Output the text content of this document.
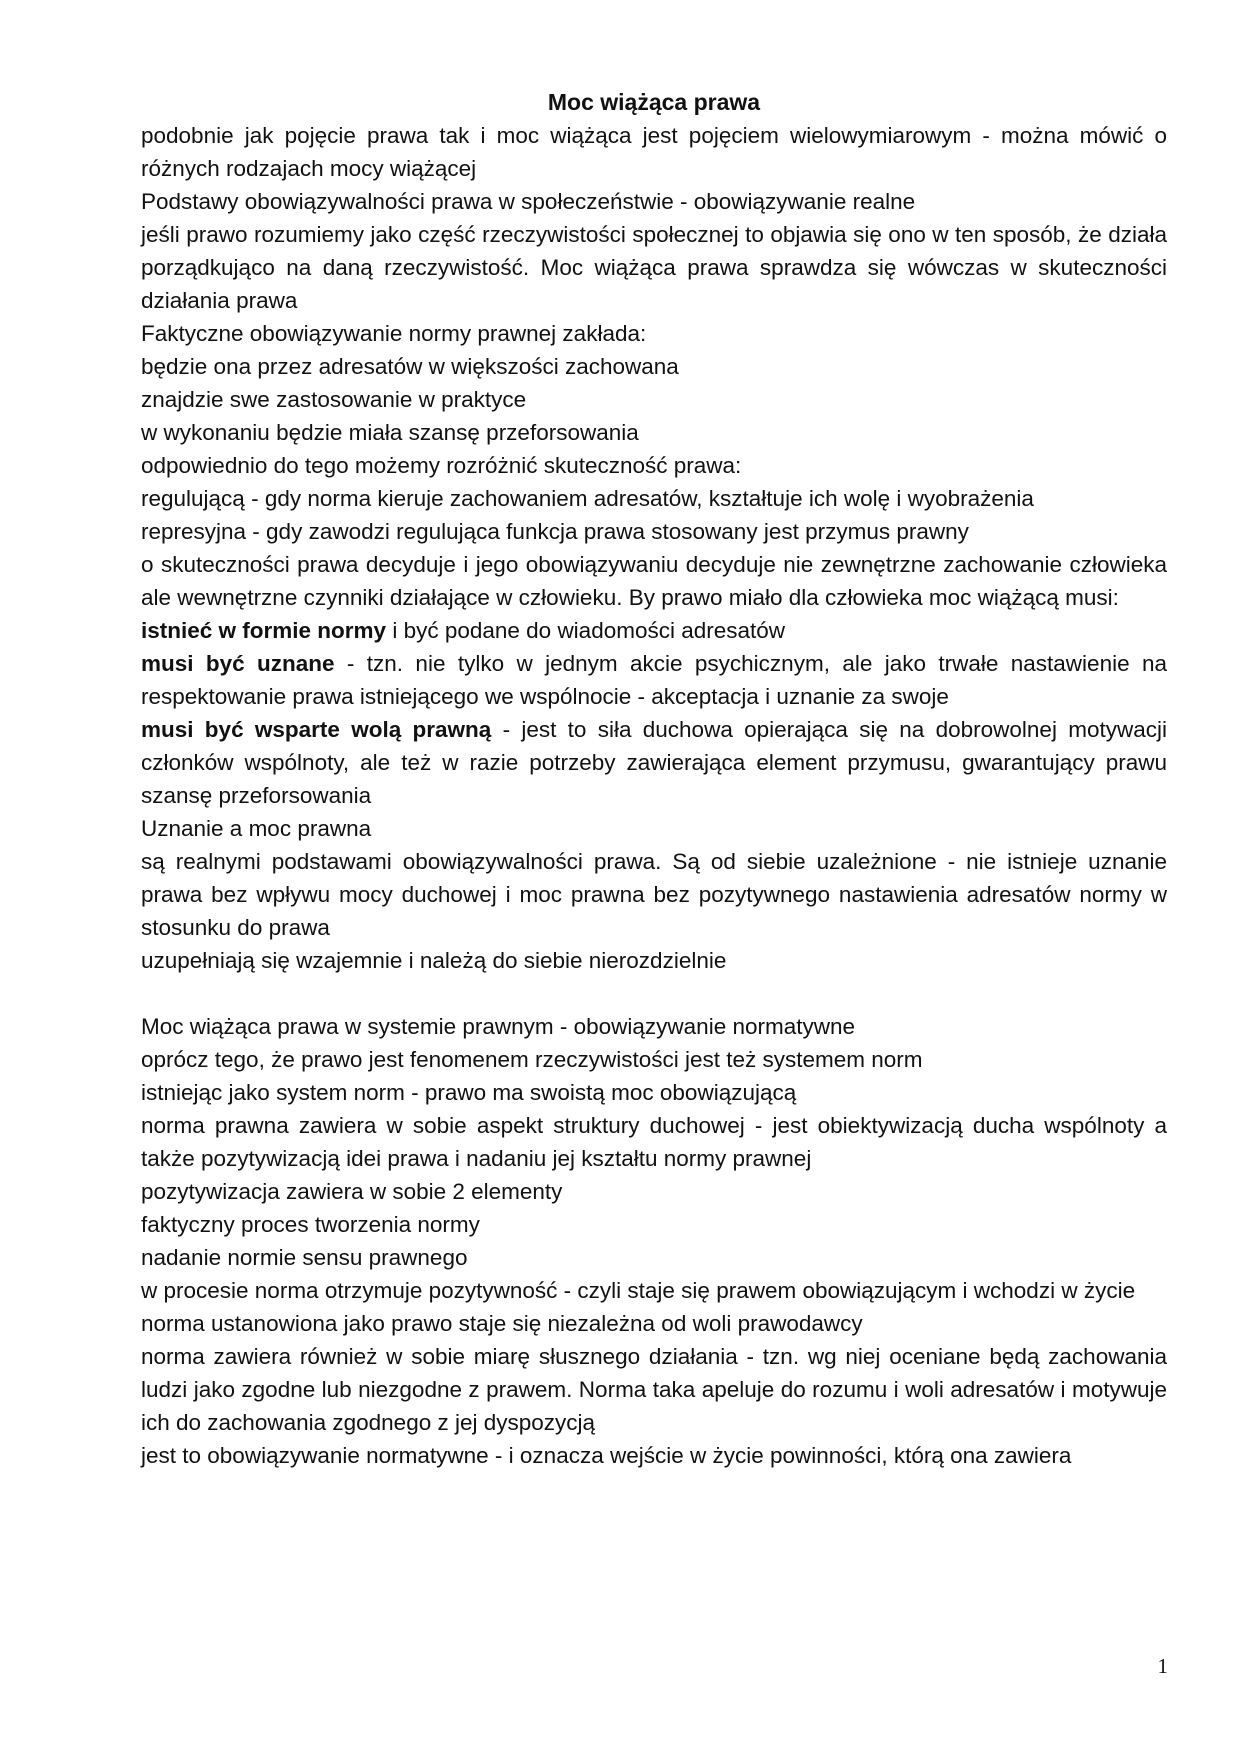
Moc wiążąca prawa

podobnie jak pojęcie prawa tak i moc wiążąca jest pojęciem wielowymiarowym - można mówić o różnych rodzajach mocy wiążącej

Podstawy obowiązywalności prawa w społeczeństwie - obowiązywanie realne

jeśli prawo rozumiemy jako część rzeczywistości społecznej to objawia się ono w ten sposób, że działa porządkująco na daną rzeczywistość. Moc wiążąca prawa sprawdza się wówczas w skuteczności działania prawa

Faktyczne obowiązywanie normy prawnej zakłada:

będzie ona przez adresatów w większości zachowana

znajdzie swe zastosowanie w praktyce

w wykonaniu będzie miała szansę przeforsowania

odpowiednio do tego możemy rozróżnić skuteczność prawa:

regulującą - gdy norma kieruje zachowaniem adresatów, kształtuje ich wolę i wyobrażenia

represyjna - gdy zawodzi regulująca funkcja prawa stosowany jest przymus prawny

o skuteczności prawa decyduje i jego obowiązywaniu decyduje nie zewnętrzne zachowanie człowieka ale wewnętrzne czynniki działające w człowieku. By prawo miało dla człowieka moc wiążącą musi:

istnieć w formie normy i być podane do wiadomości adresatów

musi być uznane - tzn. nie tylko w jednym akcie psychicznym, ale jako trwałe nastawienie na respektowanie prawa istniejącego we wspólnocie - akceptacja i uznanie za swoje

musi być wsparte wolą prawną - jest to siła duchowa opierająca się na dobrowolnej motywacji członków wspólnoty, ale też w razie potrzeby zawierająca element przymusu, gwarantujący prawu szansę przeforsowania

Uznanie a moc prawna

są realnymi podstawami obowiązywalności prawa. Są od siebie uzależnione - nie istnieje uznanie prawa bez wpływu mocy duchowej i moc prawna bez pozytywnego nastawienia adresatów normy w stosunku do prawa

uzupełniają się wzajemnie i należą do siebie nierozdzielnie

Moc wiążąca prawa w systemie prawnym - obowiązywanie normatywne

oprócz tego, że prawo jest fenomenem rzeczywistości jest też systemem norm

istniejąc jako system norm - prawo ma swoistą moc obowiązującą

norma prawna zawiera w sobie aspekt struktury duchowej - jest obiektywizacją ducha wspólnoty a także pozytywizacją idei prawa i nadaniu jej kształtu normy prawnej

pozytywizacja zawiera w sobie 2 elementy

faktyczny proces tworzenia normy

nadanie normie sensu prawnego

w procesie norma otrzymuje pozytywność - czyli staje się prawem obowiązującym i wchodzi w życie

norma ustanowiona jako prawo staje się niezależna od woli prawodawcy

norma zawiera również w sobie miarę słusznego działania - tzn. wg niej oceniane będą zachowania ludzi jako zgodne lub niezgodne z prawem. Norma taka apeluje do rozumu i woli adresatów i motywuje ich do zachowania zgodnego z jej dyspozycją

jest to obowiązywanie normatywne - i oznacza wejście w życie powinności, którą ona zawiera

1
